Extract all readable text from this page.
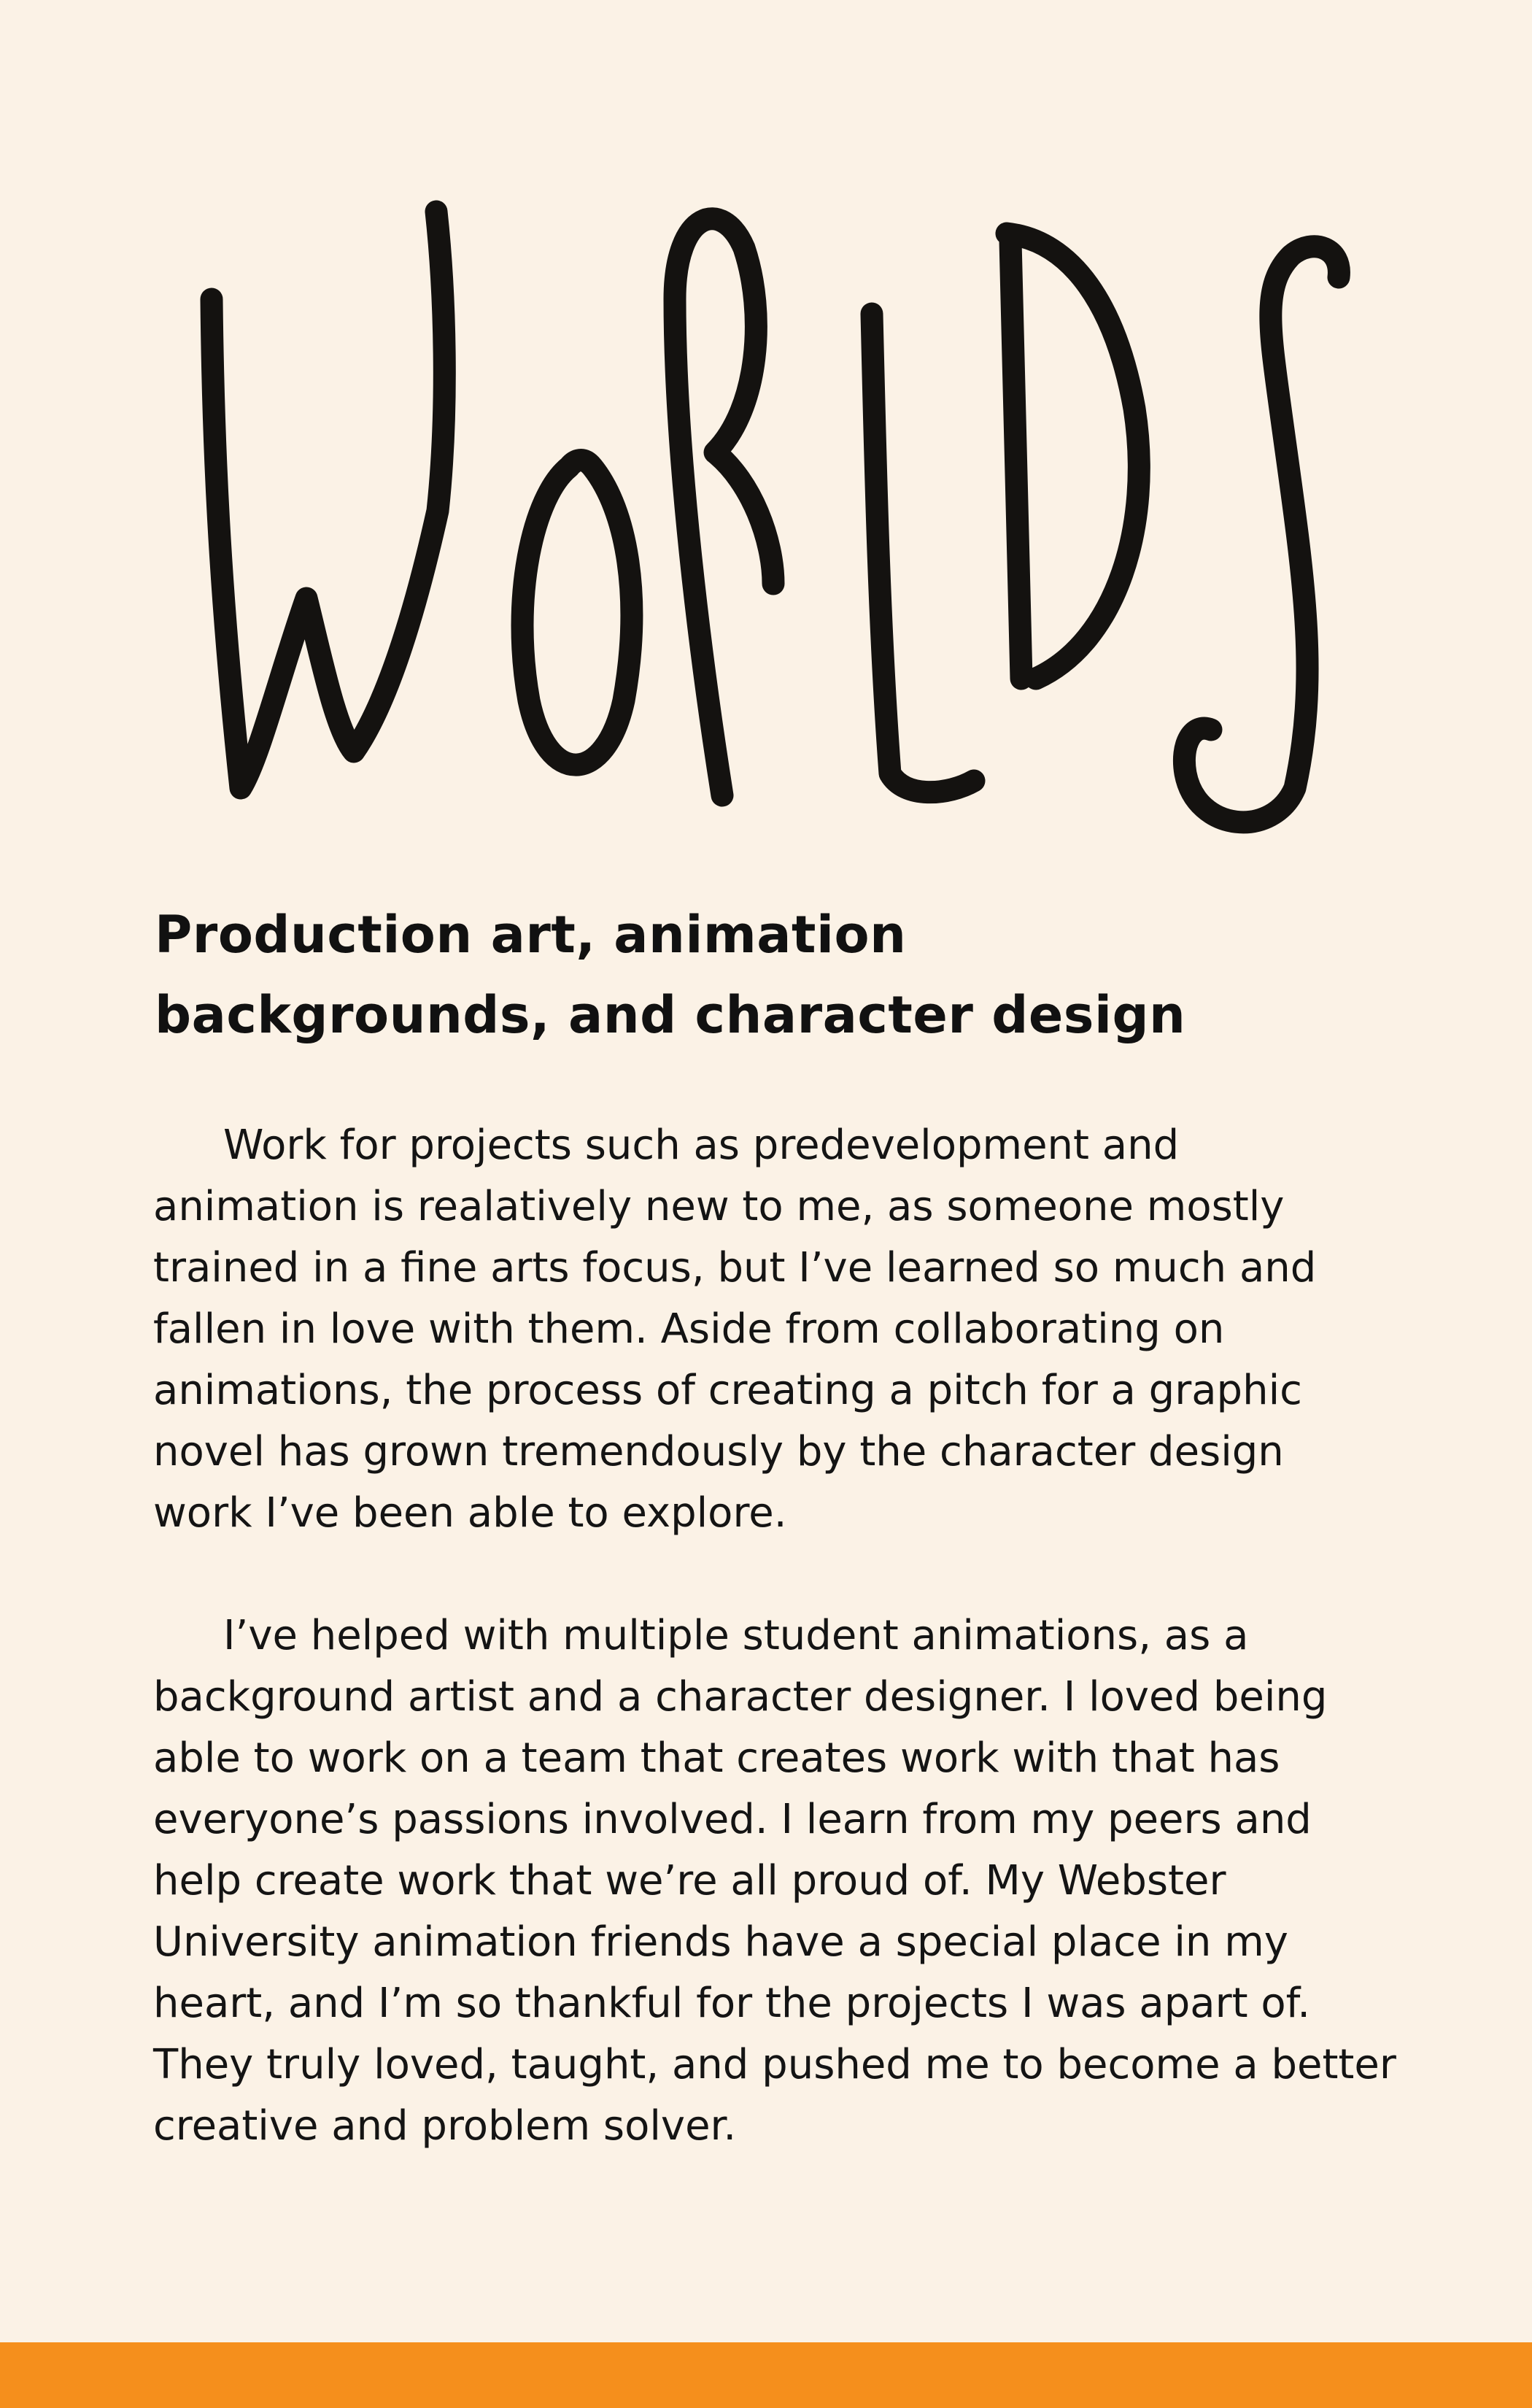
Production art, animation
backgrounds, and character design
Work for projects such as predevelopment and
animation is realatively new to me, as someone mostly
trained in a fine arts focus, but I’ve learned so much and
fallen in love with them. Aside from collaborating on
animations, the process of creating a pitch for a graphic
novel has grown tremendously by the character design
work I’ve been able to explore.
I’ve helped with multiple student animations, as a
background artist and a character designer. I loved being
able to work on a team that creates work with that has
everyone’s passions involved. I learn from my peers and
help create work that we’re all proud of. My Webster
University animation friends have a special place in my
heart, and I’m so thankful for the projects I was apart of.
They truly loved, taught, and pushed me to become a better
creative and problem solver.
